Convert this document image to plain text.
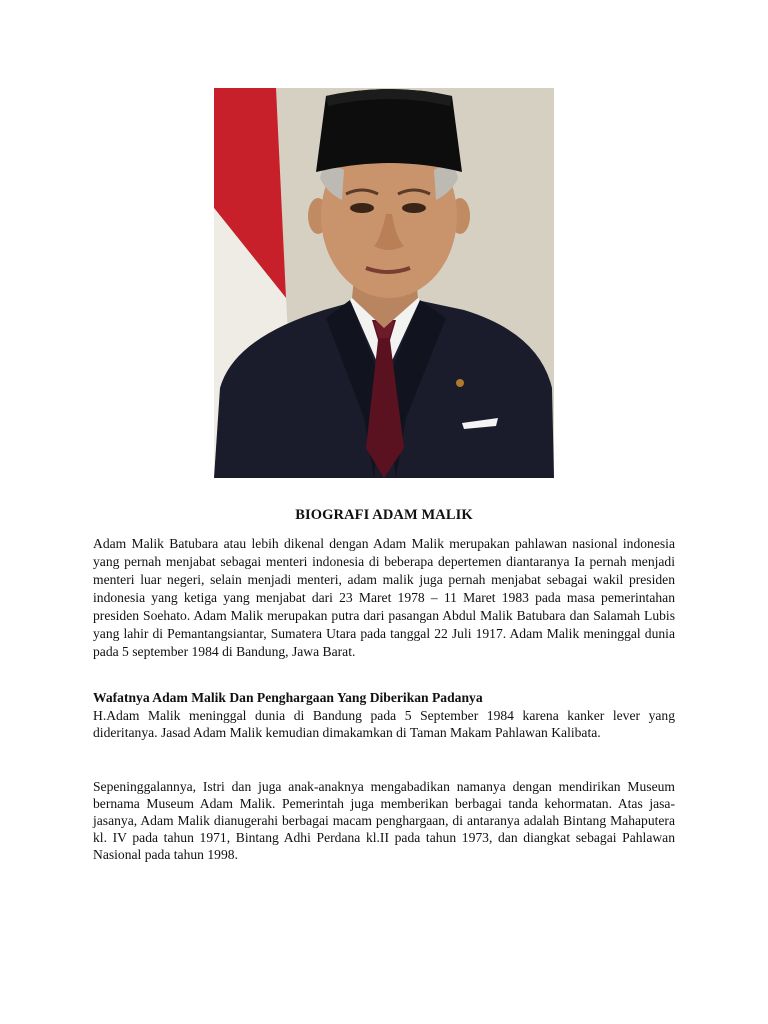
BIOGRAFI ADAM MALIK

Adam Malik Batubara atau lebih dikenal dengan Adam Malik merupakan pahlawan nasional indonesia yang pernah menjabat sebagai menteri indonesia di beberapa depertemen diantaranya Ia pernah menjadi menteri luar negeri, selain menjadi menteri, adam malik juga pernah menjabat sebagai wakil presiden indonesia yang ketiga yang menjabat dari 23 Maret 1978 – 11 Maret 1983 pada masa pemerintahan presiden Soehato. Adam Malik merupakan putra dari pasangan Abdul Malik Batubara dan Salamah Lubis yang lahir di Pemantangsiantar, Sumatera Utara pada tanggal 22 Juli 1917. Adam Malik meninggal dunia pada 5 september 1984 di Bandung, Jawa Barat.

Wafatnya Adam Malik Dan Penghargaan Yang Diberikan Padanya

H.Adam Malik meninggal dunia di Bandung pada 5 September 1984 karena kanker lever yang dideritanya. Jasad Adam Malik kemudian dimakamkan di Taman Makam Pahlawan Kalibata.

Sepeninggalannya, Istri dan juga anak-anaknya mengabadikan namanya dengan mendirikan Museum bernama Museum Adam Malik. Pemerintah juga memberikan berbagai tanda kehormatan. Atas jasa-jasanya, Adam Malik dianugerahi berbagai macam penghargaan, di antaranya adalah Bintang Mahaputera kl. IV pada tahun 1971, Bintang Adhi Perdana kl.II pada tahun 1973, dan diangkat sebagai Pahlawan Nasional pada tahun 1998.
